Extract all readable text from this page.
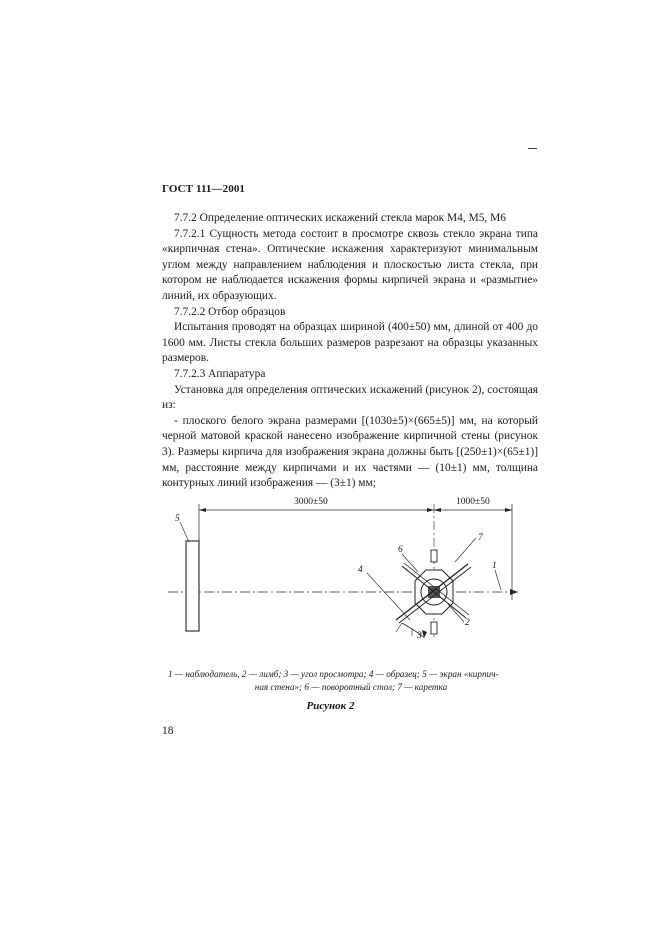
ГОСТ 111—2001

7.7.2 Определение оптических искажений стекла марок М4, М5, М6

7.7.2.1 Сущность метода состоит в просмотре сквозь стекло экрана типа «кирпичная стена». Оптические искажения характеризуют минимальным углом между направлением наблюдения и плоскостью листа стекла, при котором не наблюдается искажения формы кирпичей экрана и «размытие» линий, их образующих.

7.7.2.2 Отбор образцов

Испытания проводят на образцах шириной (400±50) мм, длиной от 400 до 1600 мм. Листы стекла больших размеров разрезают на образцы указанных размеров.

7.7.2.3 Аппаратура

Установка для определения оптических искажений (рисунок 2), состоящая из:

- плоского белого экрана размерами [(1030±5)×(665±5)] мм, на который черной матовой краской нанесено изображение кирпичной стены (рисунок 3). Размеры кирпича для изображения экрана должны быть [(250±1)×(65±1)] мм, расстояние между кирпичами и их частями — (10±1) мм, толщина контурных линий изображения — (3±1) мм;

3000±50	1000±50
5
3
4
6
7
2
1
1 — наблюдатель, 2 — лимб; 3 — угол просмотра; 4 — образец; 5 — экран «кирпич-
ная стена»; 6 — поворотный стол; 7 — каретка
Рисунок 2
18
